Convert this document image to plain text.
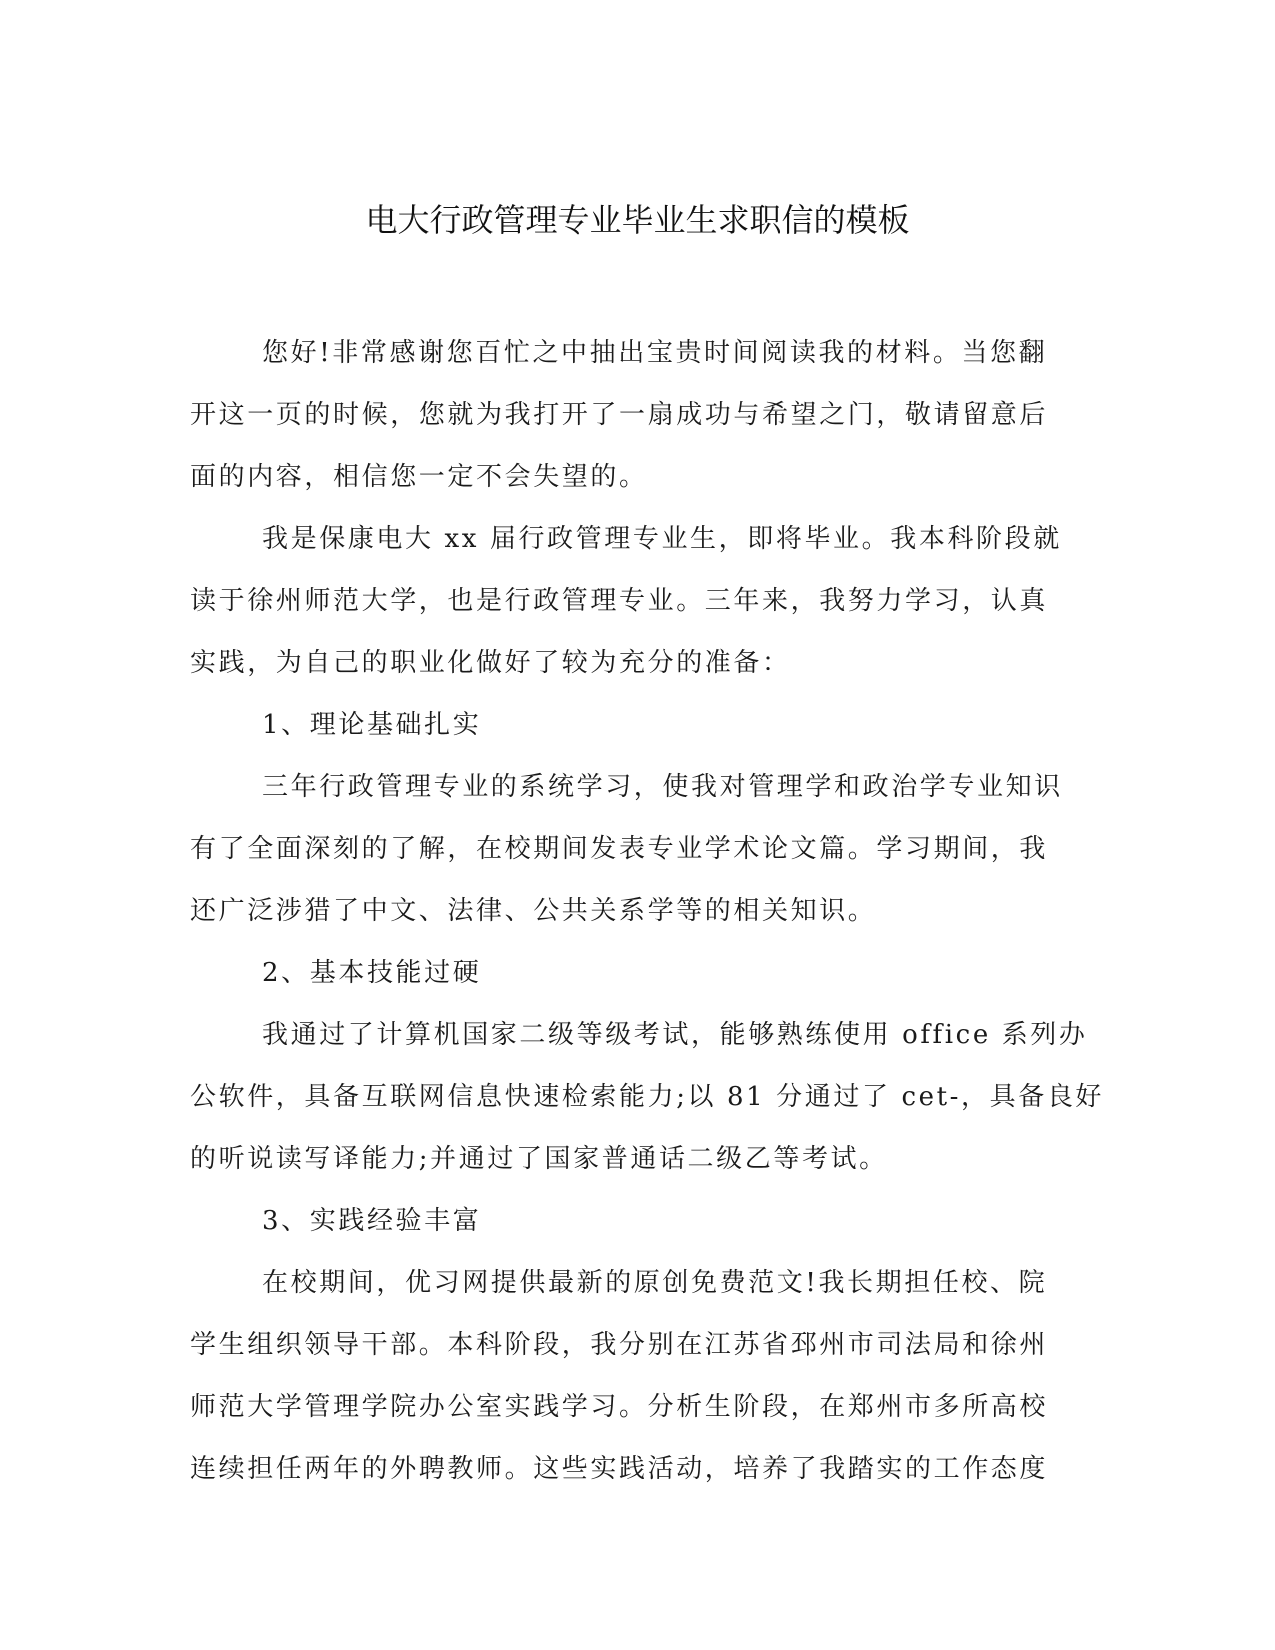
电大行政管理专业毕业生求职信的模板
您好!非常感谢您百忙之中抽出宝贵时间阅读我的材料。当您翻
开这一页的时候，您就为我打开了一扇成功与希望之门，敬请留意后
面的内容，相信您一定不会失望的。
我是保康电大 xx 届行政管理专业生，即将毕业。我本科阶段就
读于徐州师范大学，也是行政管理专业。三年来，我努力学习，认真
实践，为自己的职业化做好了较为充分的准备：
1、理论基础扎实
三年行政管理专业的系统学习，使我对管理学和政治学专业知识
有了全面深刻的了解，在校期间发表专业学术论文篇。学习期间，我
还广泛涉猎了中文、法律、公共关系学等的相关知识。
2、基本技能过硬
我通过了计算机国家二级等级考试，能够熟练使用 office 系列办
公软件，具备互联网信息快速检索能力;以 81 分通过了 cet-，具备良好
的听说读写译能力;并通过了国家普通话二级乙等考试。
3、实践经验丰富
在校期间，优习网提供最新的原创免费范文!我长期担任校、院
学生组织领导干部。本科阶段，我分别在江苏省邳州市司法局和徐州
师范大学管理学院办公室实践学习。分析生阶段，在郑州市多所高校
连续担任两年的外聘教师。这些实践活动，培养了我踏实的工作态度
